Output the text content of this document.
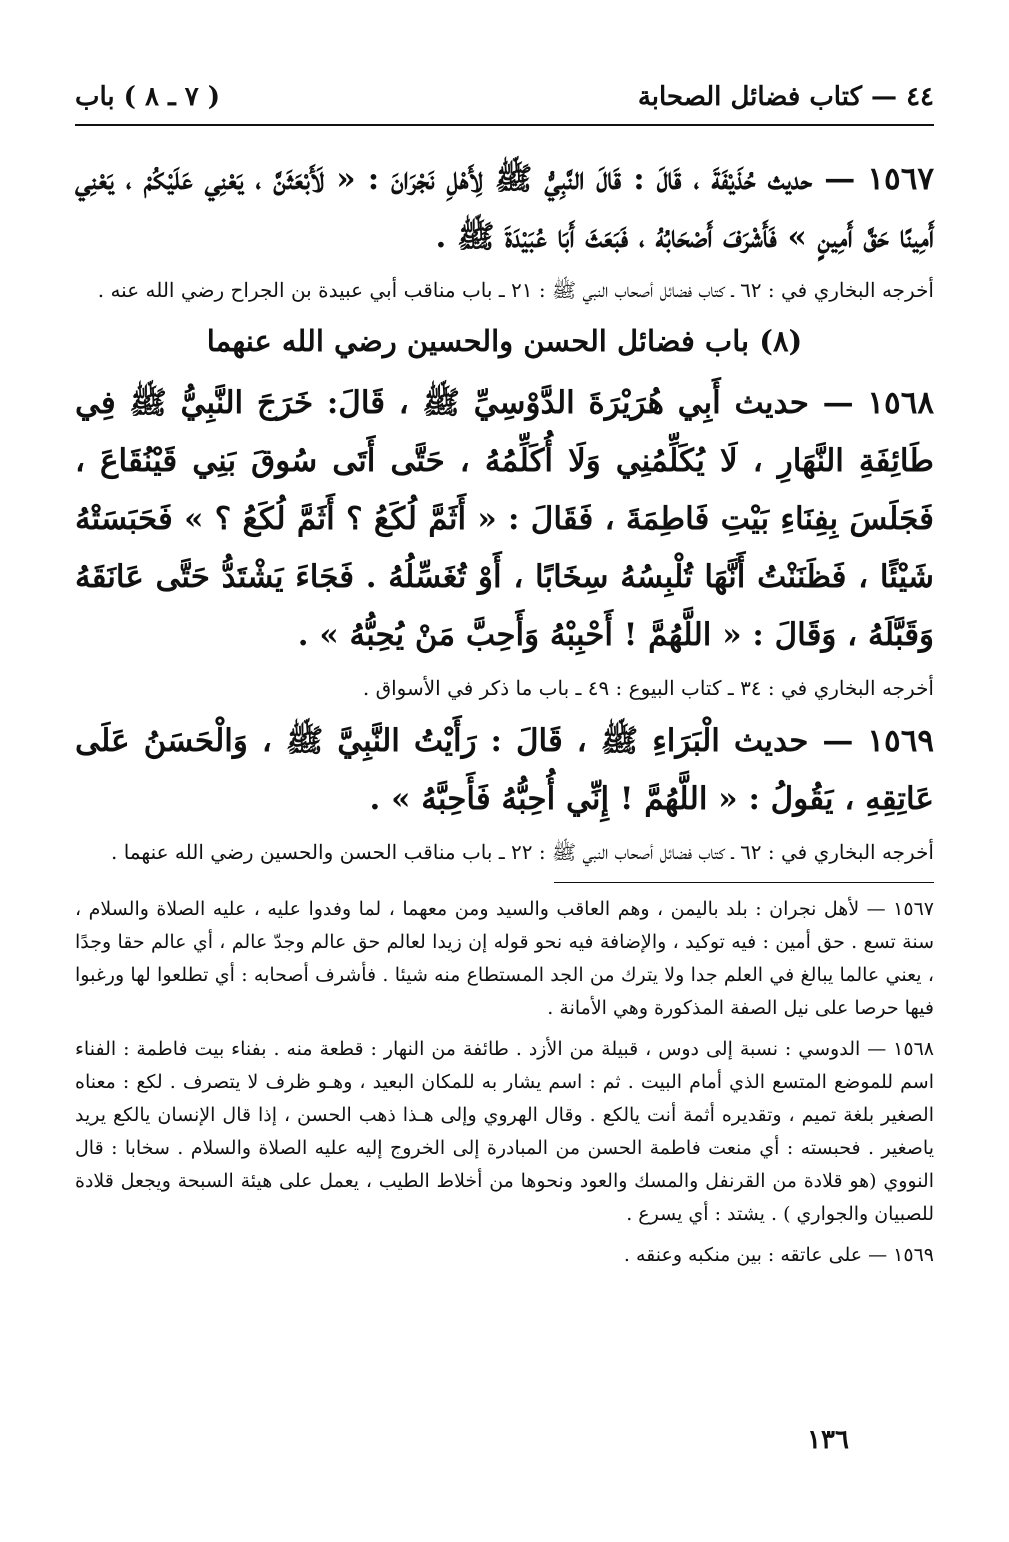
٤٤ — كتاب فضائل الصحابة
( ٧ ـ ٨ ) باب

١٥٦٧ — حديث حُذَيْفَةَ ، قَالَ : قَالَ النَّبِيُّ ﷺ لِأَهْلِ نَجْرَانَ : « لَأَبْعَثَنَّ ، يَعْنِي عَلَيْكُمْ ، يَعْنِي أَمِينًا حَقَّ أَمِينٍ » فَأَشْرَفَ أَصْحَابُهُ ، فَبَعَثَ أَبَا عُبَيْدَةَ ﷺ .

أخرجه البخاري في : ٦٢ ـ كتاب فضائل أصحاب النبي ﷺ : ٢١ ـ باب مناقب أبي عبيدة بن الجراح رضي الله عنه .

(٨) باب فضائل الحسن والحسين رضي الله عنهما

١٥٦٨ — حديث أَبِي هُرَيْرَةَ الدَّوْسِيِّ ﷺ ، قَالَ: خَرَجَ النَّبِيُّ ﷺ فِي طَائِفَةِ النَّهَارِ ، لَا يُكَلِّمُنِي وَلَا أُكَلِّمُهُ ، حَتَّى أَتَى سُوقَ بَنِي قَيْنُقَاعَ ، فَجَلَسَ بِفِنَاءِ بَيْتِ فَاطِمَةَ ، فَقَالَ : « أَثَمَّ لُكَعُ ؟ أَثَمَّ لُكَعُ ؟ » فَحَبَسَتْهُ شَيْئًا ، فَظَنَنْتُ أَنَّهَا تُلْبِسُهُ سِخَابًا ، أَوْ تُغَسِّلُهُ . فَجَاءَ يَشْتَدُّ حَتَّى عَانَقَهُ وَقَبَّلَهُ ، وَقَالَ : « اللَّهُمَّ ! أَحْبِبْهُ وَأَحِبَّ مَنْ يُحِبُّهُ » .

أخرجه البخاري في : ٣٤ ـ كتاب البيوع : ٤٩ ـ باب ما ذكر في الأسواق .

١٥٦٩ — حديث الْبَرَاءِ ﷺ ، قَالَ : رَأَيْتُ النَّبِيَّ ﷺ ، وَالْحَسَنُ عَلَى عَاتِقِهِ ، يَقُولُ : « اللَّهُمَّ ! إِنِّي أُحِبُّهُ فَأَحِبَّهُ » .

أخرجه البخاري في : ٦٢ ـ كتاب فضائل أصحاب النبي ﷺ : ٢٢ ـ باب مناقب الحسن والحسين رضي الله عنهما .

١٥٦٧ — لأهل نجران : بلد باليمن ، وهم العاقب والسيد ومن معهما ، لما وفدوا عليه ، عليه الصلاة والسلام ، سنة تسع . حق أمين : فيه توكيد ، والإضافة فيه نحو قوله إن زيدا لعالم حق عالم وجدّ عالم ، أي عالم حقا وجدًا ، يعني عالما يبالغ في العلم جدا ولا يترك من الجد المستطاع منه شيئا . فأشرف أصحابه : أي تطلعوا لها ورغبوا فيها حرصا على نيل الصفة المذكورة وهي الأمانة .

١٥٦٨ — الدوسي : نسبة إلى دوس ، قبيلة من الأزد . طائفة من النهار : قطعة منه . بفناء بيت فاطمة : الفناء اسم للموضع المتسع الذي أمام البيت . ثم : اسم يشار به للمكان البعيد ، وهـو ظرف لا يتصرف . لكع : معناه الصغير بلغة تميم ، وتقديره أثمة أنت يالكع . وقال الهروي وإلى هـذا ذهب الحسن ، إذا قال الإنسان يالكع يريد ياصغير . فحبسته : أي منعت فاطمة الحسن من المبادرة إلى الخروج إليه عليه الصلاة والسلام . سخابا : قال النووي (هو قلادة من القرنفل والمسك والعود ونحوها من أخلاط الطيب ، يعمل على هيئة السبحة ويجعل قلادة للصبيان والجواري ) . يشتد : أي يسرع .

١٥٦٩ — على عاتقه : بين منكبه وعنقه .

١٣٦
